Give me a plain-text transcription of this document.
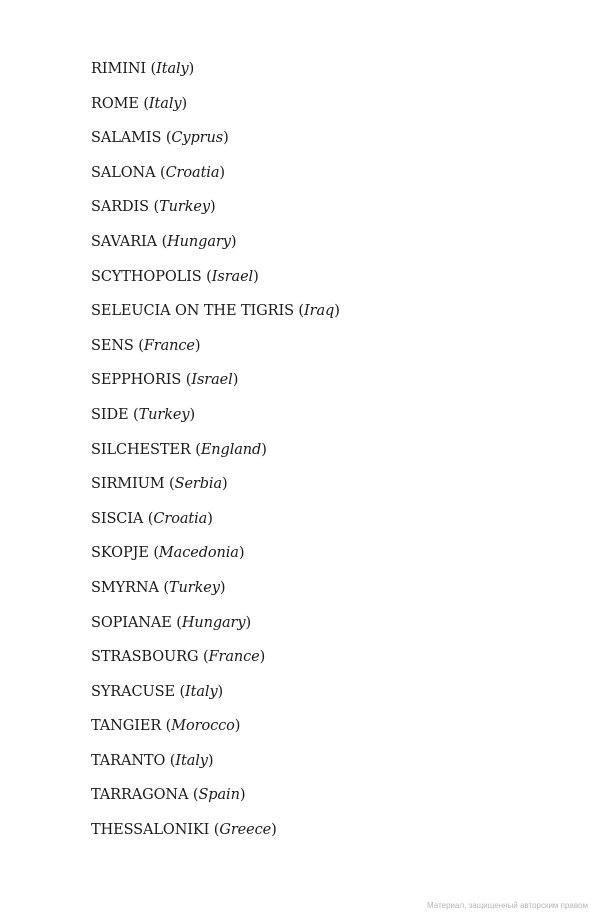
RIMINI (Italy)
ROME (Italy)
SALAMIS (Cyprus)
SALONA (Croatia)
SARDIS (Turkey)
SAVARIA (Hungary)
SCYTHOPOLIS (Israel)
SELEUCIA ON THE TIGRIS (Iraq)
SENS (France)
SEPPHORIS (Israel)
SIDE (Turkey)
SILCHESTER (England)
SIRMIUM (Serbia)
SISCIA (Croatia)
SKOPJE (Macedonia)
SMYRNA (Turkey)
SOPIANAE (Hungary)
STRASBOURG (France)
SYRACUSE (Italy)
TANGIER (Morocco)
TARANTO (Italy)
TARRAGONA (Spain)
THESSALONIKI (Greece)
Материал, защищенный авторским правом
